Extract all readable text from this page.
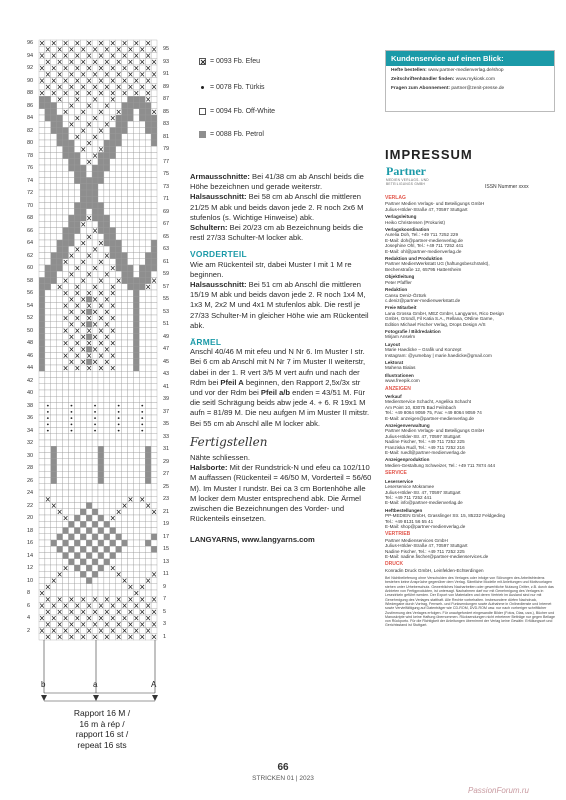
96
94
92
90
88
86
84
82
80
78
76
74
72
70
68
66
64
62
60
58
56
54
52
50
48
46
44
42
40
38
36
34
32
30
28
26
24
22
20
18
16
14
12
10
8
6
4
2
95
93
91
89
87
85
83
81
79
77
75
73
71
69
67
65
63
61
59
57
55
53
51
49
47
45
43
41
39
37
35
33
31
29
27
25
23
21
19
17
15
13
11
9
7
5
3
1
b	a	A
Rapport 16 M /
16 m à rép /
rapport 16 st /
repeat 16 sts
= 0093 Fb. Efeu
= 0078 Fb. Türkis
= 0094 Fb. Off-White
= 0088 Fb. Petrol

Armausschnitte: Bei 41/38 cm ab Anschl beids die Höhe bezeichnen und gerade weiterstr.

Halsausschnitt: Bei 58 cm ab Anschl die mittleren 21/25 M abk und beids davon jede 2. R noch 2x6 M stufenlos (s. Wichtige Hinweise) abk.

Schultern: Bei 20/23 cm ab Bezeichnung beids die restl 27/33 Schulter-M locker abk.

VORDERTEIL

Wie am Rückenteil str, dabei Muster I mit 1 M re beginnen.

Halsausschnitt: Bei 51 cm ab Anschl die mittleren 15/19 M abk und beids davon jede 2. R noch 1x4 M, 1x3 M, 2x2 M und 4x1 M stufenlos abk. Die restl je 27/33 Schulter-M in gleicher Höhe wie am Rückenteil abk.

ÄRMEL

Anschl 40/46 M mit efeu und N Nr 6. Im Muster I str. Bei 6 cm ab Anschl mit N Nr 7 im Muster II weiterstr, dabei in der 1. R vert 3/5 M vert aufn und nach der Rdm bei Pfeil A beginnen, den Rapport 2,5x/3x str und vor der Rdm bei Pfeil a/b enden = 43/51 M. Für die seitl Schrägung beids abw jede 4. + 6. R 19x1 M aufn = 81/89 M. Die neu aufgen M im Muster II mitstr. Bei 55 cm ab Anschl alle M locker abk.

Fertigstellen

Nähte schliessen.

Halsborte: Mit der Rundstrick-N und efeu ca 102/110 M auffassen (Rückenteil = 46/50 M, Vorderteil = 56/60 M). Im Muster I rundstr. Bei ca 3 cm Bortenhöhe alle M locker dem Muster entsprechend abk. Die Ärmel zwischen die Bezeichnungen des Vorder- und Rückenteils einsetzen.

LANGYARNS, www.langyarns.com

Kundenservice auf einen Blick:
Hefte bestellen: www.partner-medienverlag.de/shop
Zeitschriftenhändler finden: www.mykiosk.com
Fragen zum Abonnement: partner@zenit-presse.de
IMPRESSUM
Partner
MEDIEN VERLAGS- UND BETEILIGUNGS GMBH
ISSN Nummer xxxx
VERLAG
Partner Medien Verlags- und Beteiligungs GmbH
Julius-Hölder-Straße 47, 70597 Stuttgart
Verlagsleitung
Heiko Christensen (Prokurist)
Verlagskoordination
Aurelia Doh, Tel.: +49 711 7252 229
E-Mail: doh@partner-medienverlag.de
Josephine Ohl, Tel.: +49 711 7252 441
E-Mail: ohl@partner-medienverlag.de
Redaktion und Produktion
Partner MedienWerkstatt UG (haftungsbeschränkt),
Bechenstraße 12, 65795 Hattersheim
Objektleitung
Peter Pfaffler
Redaktion
Cansu Deniz-Öztürk
c.deniz@partner-medienwerkstatt.de
Freie Mitarbeit
Lana Grossa GmbH, MEZ GmbH, Langyarns, Rico Design
GmbH, Gründl, Fil Katia S.A., Rellana, ONline Garne,
Edition Michael Fischer Verlag, Drops Design A/S
Fotografie / Bildredaktion
Mirjam Anselm
Layout
Marie Haedicke – Grafik und Konzept
Instagram: @yumebay | marie.haedicke@gmail.com
Lektorat
Mahena Bialas
Illustrationen
www.freepik.com
ANZEIGEN
Verkauf
MedienService Schacht, Angelika Schacht
Am Point 10, 83075 Bad Feilnbach
Tel.: +49 8064 9059 75, Fax: +49 8064 9059 74
E-Mail: anzeigen@partner-medienverlag.de
Anzeigenverwaltung
Partner Medien Verlags- und Beteiligungs GmbH
Julius-Hölder-Str. 47, 70597 Stuttgart
Nadine Fischer, Tel.: +49 711 7252 225
Franziska Rudl, Tel.: +49 711 7252 216
E-Mail: ruedl@partner-medienverlag.de
Anzeigenproduktion
Medien-Gestaltung Schweizer, Tel.: +49 711 7874 444
SERVICE
Leserservice
Leserservice Mokramee
Julius-Hölder-Str. 47, 70597 Stuttgart
Tel.: +49 711 7252 441
E-Mail: info@partner-medienverlag.de
Heftbestellungen
PP-MEDIEN GmbH, Grasslinger Str. 15, 85232 Feldgeding
Tel.: +49 8131 56 55 41
E-Mail: shop@partner-medienverlag.de
VERTRIEB
Partner Medienservices GmbH
Julius-Hölder-Straße 47, 70597 Stuttgart
Nadine Fischer, Tel.: +49 711 7252 225
E-Mail: nadine.fischer@partner-medienservices.de
DRUCK
Konradin Druck GmbH, Leinfelden-Echterdingen
Bei Nichtbelieferung ohne Verschulden des Verlages oder infolge von Störungen des Arbeitsfriedens bestehen keine Ansprüche gegenüber dem Verlag. Sämtliche Modelle mit Anleitungen und Motivvorlagen stehen unter Urheberschutz. Gewerbliches Nacharbeiten oder gewerbliche Nutzung Dritter, z.B. durch das Anbieten von Fertigprodukten, ist untersagt. Nachahmen darf nur mit Genehmigung des Verlages in Lesezirkeln geführt werden. Der Export von Materialien und deren Vertrieb im Ausland sind nur mit Genehmigung des Verlages statthaft. Alle Rechte vorbehalten. Insbesondere dürfen Nachdruck, Wiedergabe durch Vortrag, Fernseh- und Funksendungen sowie Aufnahme in Onlinedienste und Internet sowie Vervielfältigung auf Datenträger wie CD-ROM, DVD-ROM usw. nur nach vorheriger schriftlicher Zustimmung des Verlages erfolgen. Für unaufgefordert eingesandte Bilder (Fotos, Dias, usw.), Bücher und Manuskripte wird keine Haftung übernommen. Rücksendungen nicht erbetener Beiträge nur gegen Beilage von Rückporto. Für die Richtigkeit der Anleitungen übernimmt der Verlag keine Gewähr. Erfüllungsort und Gerichtsstand ist Stuttgart.
66
STRICKEN 01 | 2023
PassionForum.ru
